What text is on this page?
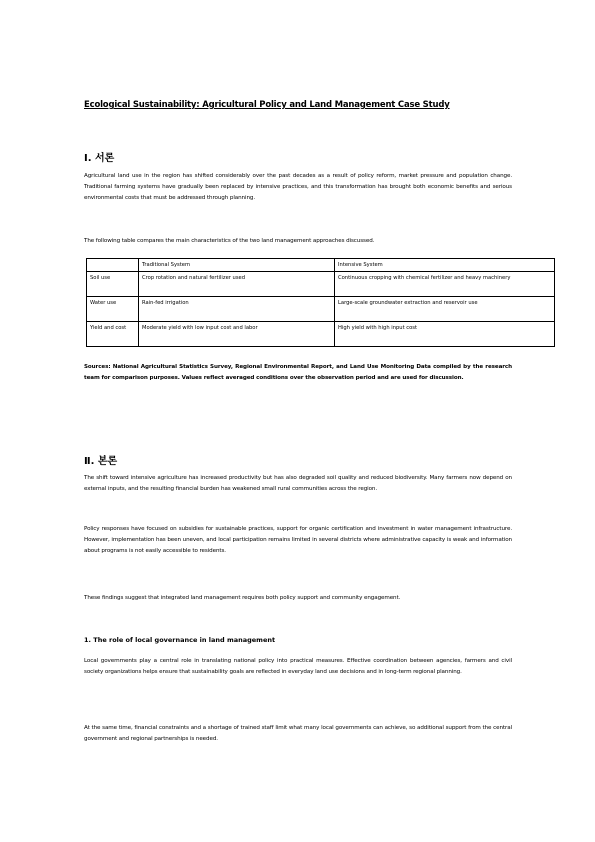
Ecological Sustainability: Agricultural Policy and Land Management Case Study
Ⅰ. 서론
Agricultural land use in the region has shifted considerably over the past decades as a result of policy reform, market pressure and population change. Traditional farming systems have gradually been replaced by intensive practices, and this transformation has brought both economic benefits and serious environmental costs that must be addressed through planning.
The following table compares the main characteristics of the two land management approaches discussed.
	Traditional System	Intensive System
Soil use	Crop rotation and natural fertilizer used	Continuous cropping with chemical fertilizer and heavy machinery
Water use	Rain-fed irrigation	Large-scale groundwater extraction and reservoir use
Yield and cost	Moderate yield with low input cost and labor	High yield with high input cost
Sources: National Agricultural Statistics Survey, Regional Environmental Report, and Land Use Monitoring Data compiled by the research team for comparison purposes. Values reflect averaged conditions over the observation period and are used for discussion.
Ⅱ. 본론
The shift toward intensive agriculture has increased productivity but has also degraded soil quality and reduced biodiversity. Many farmers now depend on external inputs, and the resulting financial burden has weakened small rural communities across the region.
Policy responses have focused on subsidies for sustainable practices, support for organic certification and investment in water management infrastructure. However, implementation has been uneven, and local participation remains limited in several districts where administrative capacity is weak and information about programs is not easily accessible to residents.
These findings suggest that integrated land management requires both policy support and community engagement.
1. The role of local governance in land management
Local governments play a central role in translating national policy into practical measures. Effective coordination between agencies, farmers and civil society organizations helps ensure that sustainability goals are reflected in everyday land use decisions and in long-term regional planning.
At the same time, financial constraints and a shortage of trained staff limit what many local governments can achieve, so additional support from the central government and regional partnerships is needed.
